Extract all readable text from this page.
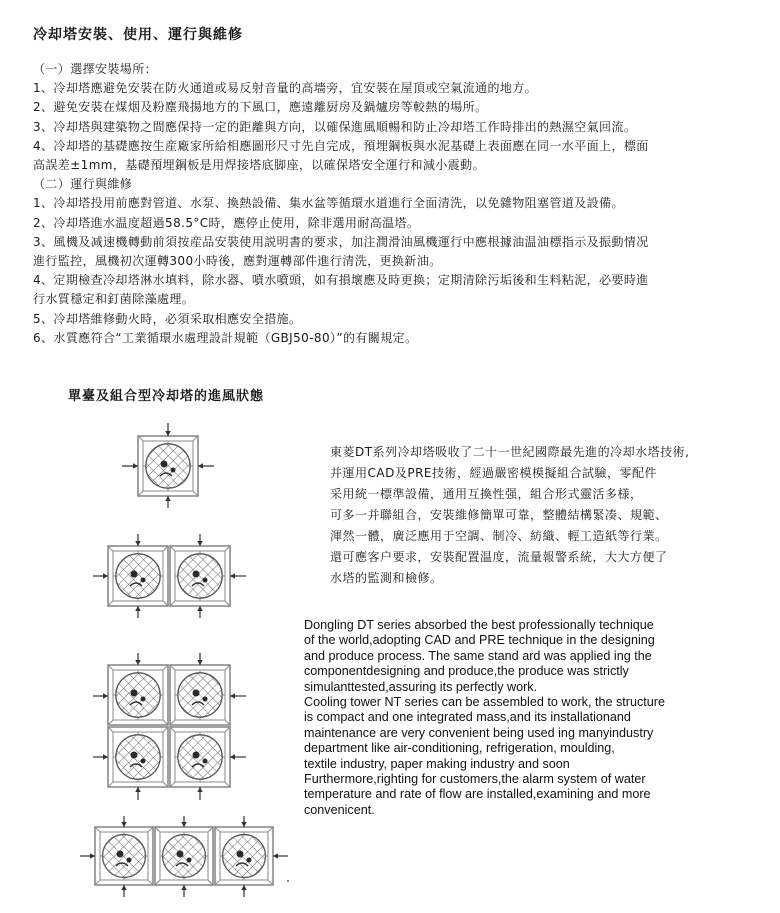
冷却塔安裝、使用、運行與維修

（一）選擇安裝場所：

1、冷却塔應避免安裝在防火通道或易反射音量的高墻旁，宜安裝在屋頂或空氣流通的地方。

2、避免安裝在煤烟及粉塵飛揚地方的下風口，應遠離厨房及鍋爐房等較熱的場所。

3、冷却塔與建築物之間應保持一定的距離與方向，以確保進風順暢和防止冷却塔工作時排出的熱濕空氣回流。

4、冷却塔的基礎應按生産廠家所給相應圖形尺寸先自完成，預埋鋼板與水泥基礎上表面應在同一水平面上，標面

高誤差±1mm，基礎預埋鋼板是用焊接塔底脚座，以確保塔安全運行和減小震動。

（二）運行與維修

1、冷却塔投用前應對管道、水泵、換熱設備、集水盆等循環水道進行全面清洗，以免雜物阻塞管道及設備。

2、冷却塔進水温度超過58.5°C時，應停止使用，除非選用耐高温塔。

3、風機及减速機轉動前須按産品安裝使用説明書的要求，加注潤滑油風機運行中應根據油温油標指示及振動情况

進行監控，風機初次運轉300小時後，應對運轉部件進行清洗，更换新油。

4、定期檢查冷却塔淋水填料，除水器、噴水噴頭，如有損壞應及時更换；定期清除污垢後和生料粘泥，必要時進

行水質穩定和釘菌除藻處理。

5、冷却塔維修動火時，必須采取相應安全措施。

6、水質應符合“工業循環水處理設計規範（GBJ50-80）”的有關規定。

單臺及組合型冷却塔的進風狀態

東菱DT系列冷却塔吸收了二十一世紀國際最先進的冷却水塔技術,

并運用CAD及PRE技術，經過嚴密模模擬組合試驗，零配件

采用統一標準設備，通用互換性强，組合形式靈活多様，

可多一并聯組合，安裝維修簡單可靠，整體結構緊凑、規範、

渾然一體，廣泛應用于空調、制冷、紡織、輕工造紙等行業。

還可應客户要求，安裝配置温度，流量報警系統，大大方便了

水塔的監測和檢修。

Dongling DT series absorbed the best professionally technique

of the world,adopting CAD and PRE technique in the designing

and produce process. The same stand ard was applied ing the

componentdesigning and produce,the produce was strictly

simulanttested,assuring its perfectly work.

Cooling tower NT series can be assembled to work, the structure

is compact and one integrated mass,and its installationand

maintenance are very convenient being used ing manyindustry

department like air-conditioning, refrigeration, moulding,

textile industry, paper making industry and soon

Furthermore,righting for customers,the alarm system of water

temperature and rate of flow are installed,examining and more

convenicent.
